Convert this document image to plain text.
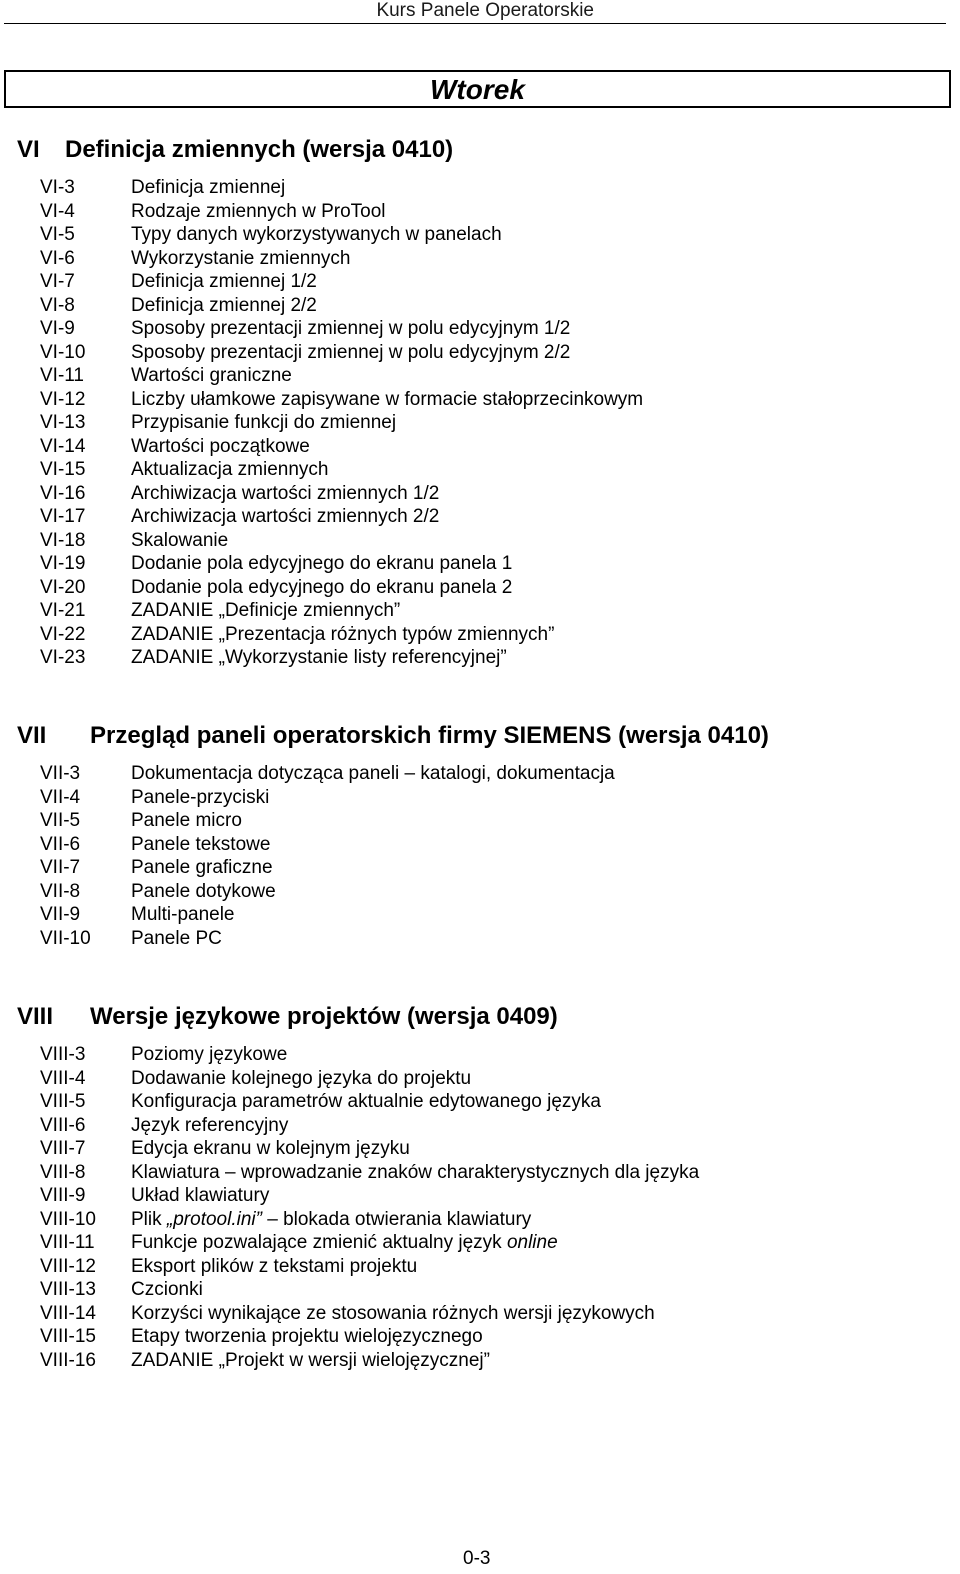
Kurs Panele Operatorskie
Wtorek
VI Definicja zmiennych (wersja 0410)
VI-3	Definicja zmiennej
VI-4	Rodzaje zmiennych w ProTool
VI-5	Typy danych wykorzystywanych w panelach
VI-6	Wykorzystanie zmiennych
VI-7	Definicja zmiennej 1/2
VI-8	Definicja zmiennej 2/2
VI-9	Sposoby prezentacji zmiennej w polu edycyjnym 1/2
VI-10 Sposoby prezentacji zmiennej w polu edycyjnym 2/2
VI-11 Wartości graniczne
VI-12 Liczby ułamkowe zapisywane w formacie stałoprzecinkowym
VI-13 Przypisanie funkcji do zmiennej
VI-14 Wartości początkowe
VI-15 Aktualizacja zmiennych
VI-16 Archiwizacja wartości zmiennych 1/2
VI-17 Archiwizacja wartości zmiennych 2/2
VI-18 Skalowanie
VI-19 Dodanie pola edycyjnego do ekranu panela 1
VI-20 Dodanie pola edycyjnego do ekranu panela 2
VI-21 ZADANIE „Definicje zmiennych”
VI-22 ZADANIE „Prezentacja różnych typów zmiennych”
VI-23 ZADANIE „Wykorzystanie listy referencyjnej”
VII Przegląd paneli operatorskich firmy SIEMENS (wersja 0410)
VII-3	Dokumentacja dotycząca paneli – katalogi, dokumentacja
VII-4	Panele-przyciski
VII-5	Panele micro
VII-6	Panele tekstowe
VII-7	Panele graficzne
VII-8	Panele dotykowe
VII-9	Multi-panele
VII-10 Panele PC
VIII Wersje językowe projektów (wersja 0409)
VIII-3 Poziomy językowe
VIII-4 Dodawanie kolejnego języka do projektu
VIII-5 Konfiguracja parametrów aktualnie edytowanego języka
VIII-6 Język referencyjny
VIII-7 Edycja ekranu w kolejnym języku
VIII-8 Klawiatura – wprowadzanie znaków charakterystycznych dla języka
VIII-9 Układ klawiatury
VIII-10 Plik „protool.ini” – blokada otwierania klawiatury
VIII-11 Funkcje pozwalające zmienić aktualny język online
VIII-12 Eksport plików z tekstami projektu
VIII-13 Czcionki
VIII-14 Korzyści wynikające ze stosowania różnych wersji językowych
VIII-15 Etapy tworzenia projektu wielojęzycznego
VIII-16 ZADANIE „Projekt w wersji wielojęzycznej”
0-3
